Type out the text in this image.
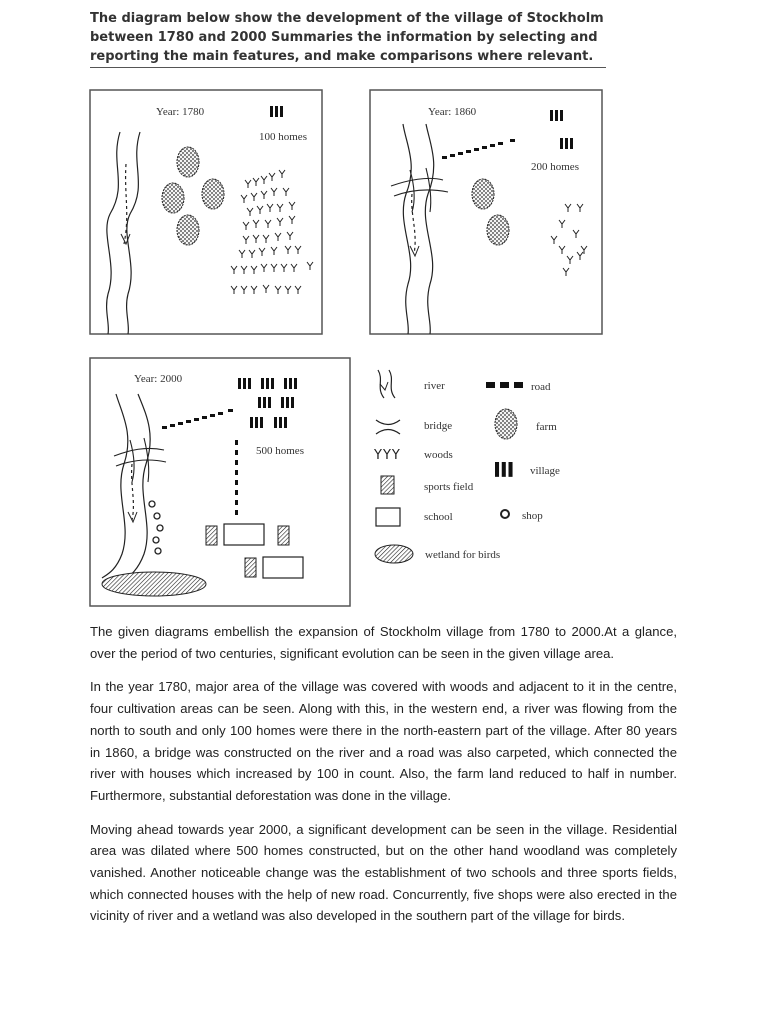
The diagram below show the development of the village of Stockholm between 1780 and 2000 Summaries the information by selecting and reporting the main features, and make comparisons where relevant.
Year: 1780
100 homes
Year: 1860
200 homes
Year: 2000
500 homes
river	road
bridge	farm
YYY woods
village
sports field
school	shop
wetland for birds

The given diagrams embellish the expansion of Stockholm village from 1780 to 2000.At a glance, over the period of two centuries, significant evolution can be seen in the given village area.

In the year 1780, major area of the village was covered with woods and adjacent to it in the centre, four cultivation areas can be seen. Along with this, in the western end, a river was flowing from the north to south and only 100 homes were there in the north-eastern part of the village. After 80 years in 1860, a bridge was constructed on the river and a road was also carpeted, which connected the river with houses which increased by 100 in count. Also, the farm land reduced to half in number. Furthermore, substantial deforestation was done in the village.

Moving ahead towards year 2000, a significant development can be seen in the village. Residential area was dilated where 500 homes constructed, but on the other hand woodland was completely vanished. Another noticeable change was the establishment of two schools and three sports fields, which connected houses with the help of new road. Concurrently, five shops were also erected in the vicinity of river and a wetland was also developed in the southern part of the village for birds.
